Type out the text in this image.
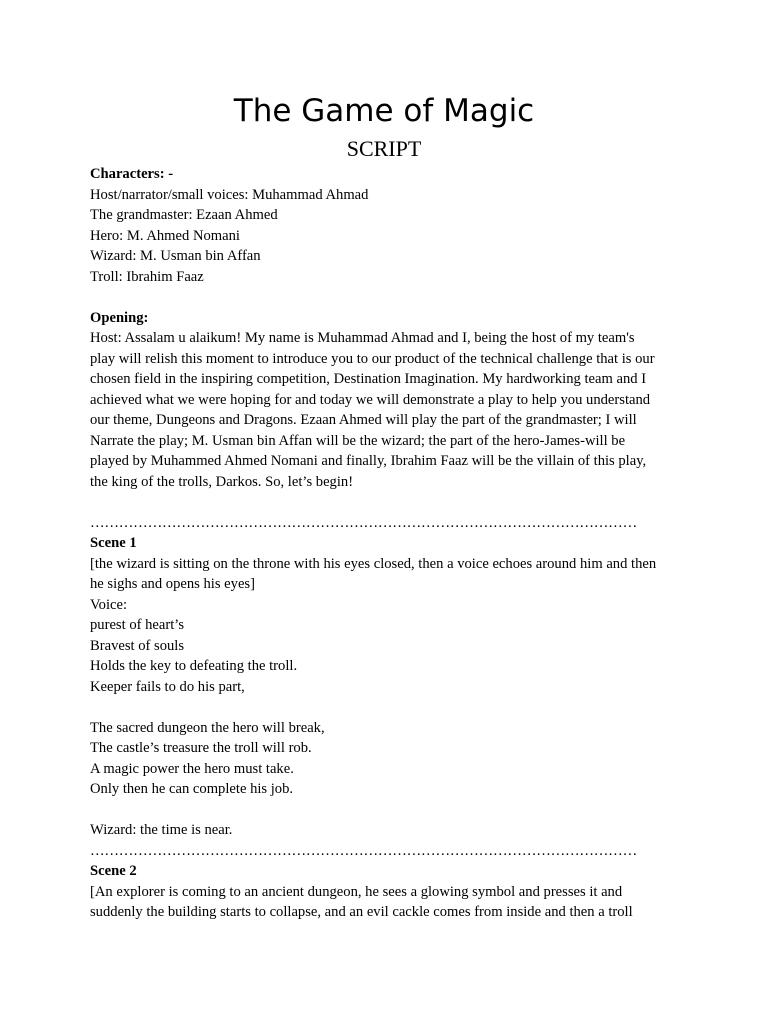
The Game of Magic
SCRIPT
Characters: -
Host/narrator/small voices: Muhammad Ahmad
The grandmaster: Ezaan Ahmed
Hero: M. Ahmed Nomani
Wizard: M. Usman bin Affan
Troll: Ibrahim Faaz
Opening:
Host: Assalam u alaikum! My name is Muhammad Ahmad and I, being the host of my team's
play will relish this moment to introduce you to our product of the technical challenge that is our
chosen field in the inspiring competition, Destination Imagination. My hardworking team and I
achieved what we were hoping for and today we will demonstrate a play to help you understand
our theme, Dungeons and Dragons. Ezaan Ahmed will play the part of the grandmaster; I will
Narrate the play; M. Usman bin Affan will be the wizard; the part of the hero-James-will be
played by Muhammed Ahmed Nomani and finally, Ibrahim Faaz will be the villain of this play,
the king of the trolls, Darkos. So, let’s begin!
……………………………………………………………………………………………………
Scene 1
[the wizard is sitting on the throne with his eyes closed, then a voice echoes around him and then
he sighs and opens his eyes]
Voice:
purest of heart’s
Bravest of souls
Holds the key to defeating the troll.
Keeper fails to do his part,
The sacred dungeon the hero will break,
The castle’s treasure the troll will rob.
A magic power the hero must take.
Only then he can complete his job.
Wizard: the time is near.
……………………………………………………………………………………………………
Scene 2
[An explorer is coming to an ancient dungeon, he sees a glowing symbol and presses it and
suddenly the building starts to collapse, and an evil cackle comes from inside and then a troll
